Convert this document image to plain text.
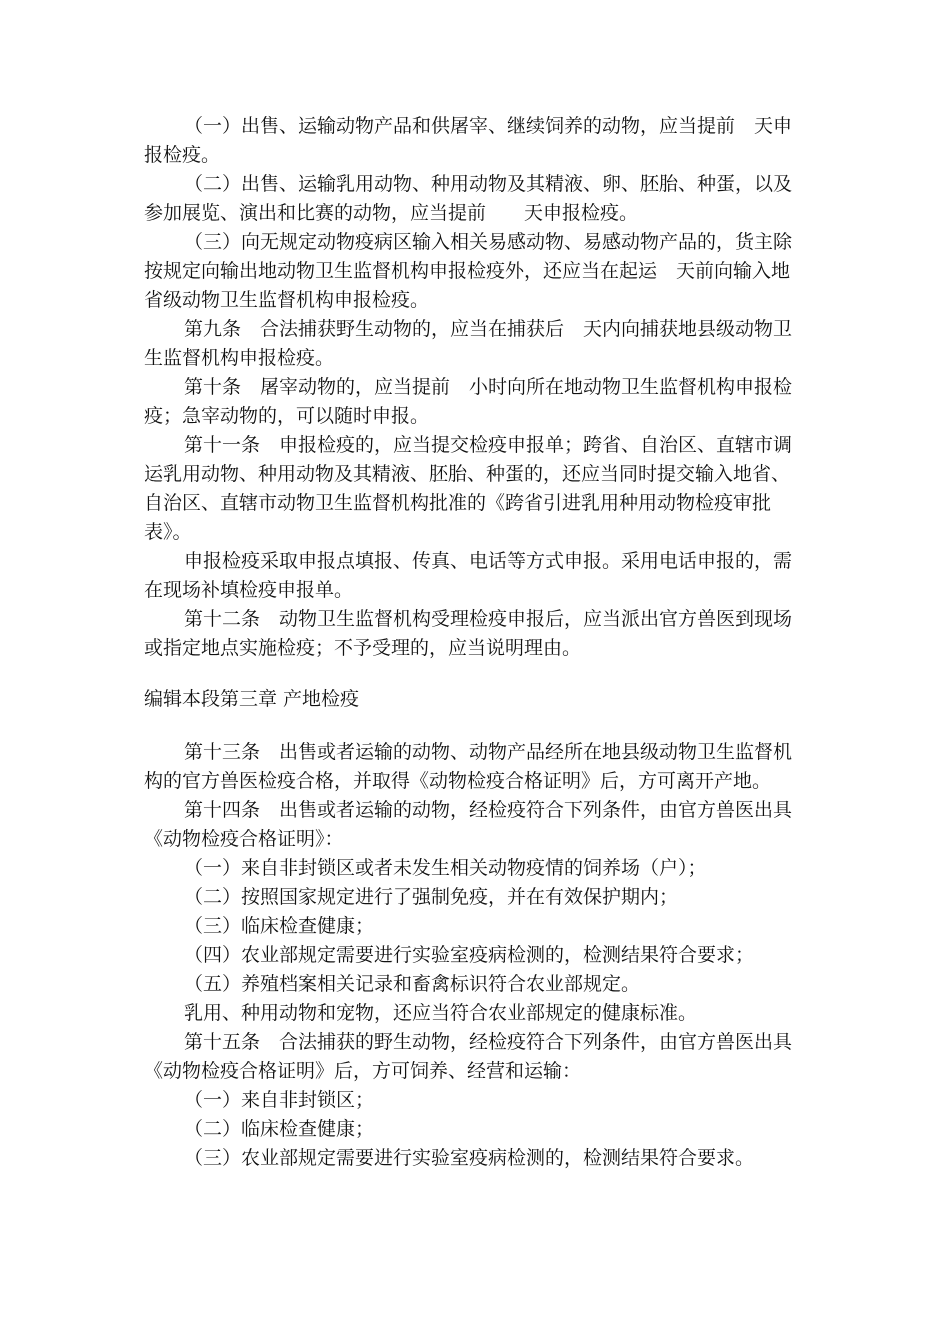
（一）出售、运输动物产品和供屠宰、继续饲养的动物，应当提前　天申报检疫。

（二）出售、运输乳用动物、种用动物及其精液、卵、胚胎、种蛋，以及参加展览、演出和比赛的动物，应当提前　　天申报检疫。

（三）向无规定动物疫病区输入相关易感动物、易感动物产品的，货主除按规定向输出地动物卫生监督机构申报检疫外，还应当在起运　天前向输入地省级动物卫生监督机构申报检疫。

第九条　合法捕获野生动物的，应当在捕获后　天内向捕获地县级动物卫生监督机构申报检疫。

第十条　屠宰动物的，应当提前　小时向所在地动物卫生监督机构申报检疫；急宰动物的，可以随时申报。

第十一条　申报检疫的，应当提交检疫申报单；跨省、自治区、直辖市调运乳用动物、种用动物及其精液、胚胎、种蛋的，还应当同时提交输入地省、自治区、直辖市动物卫生监督机构批准的《跨省引进乳用种用动物检疫审批表》。

申报检疫采取申报点填报、传真、电话等方式申报。采用电话申报的，需在现场补填检疫申报单。

第十二条　动物卫生监督机构受理检疫申报后，应当派出官方兽医到现场或指定地点实施检疫；不予受理的，应当说明理由。

编辑本段第三章 产地检疫

第十三条　出售或者运输的动物、动物产品经所在地县级动物卫生监督机构的官方兽医检疫合格，并取得《动物检疫合格证明》后，方可离开产地。

第十四条　出售或者运输的动物，经检疫符合下列条件，由官方兽医出具《动物检疫合格证明》：

（一）来自非封锁区或者未发生相关动物疫情的饲养场（户）；

（二）按照国家规定进行了强制免疫，并在有效保护期内；

（三）临床检查健康；

（四）农业部规定需要进行实验室疫病检测的，检测结果符合要求；

（五）养殖档案相关记录和畜禽标识符合农业部规定。

乳用、种用动物和宠物，还应当符合农业部规定的健康标准。

第十五条　合法捕获的野生动物，经检疫符合下列条件，由官方兽医出具《动物检疫合格证明》后，方可饲养、经营和运输：

（一）来自非封锁区；

（二）临床检查健康；

（三）农业部规定需要进行实验室疫病检测的，检测结果符合要求。
